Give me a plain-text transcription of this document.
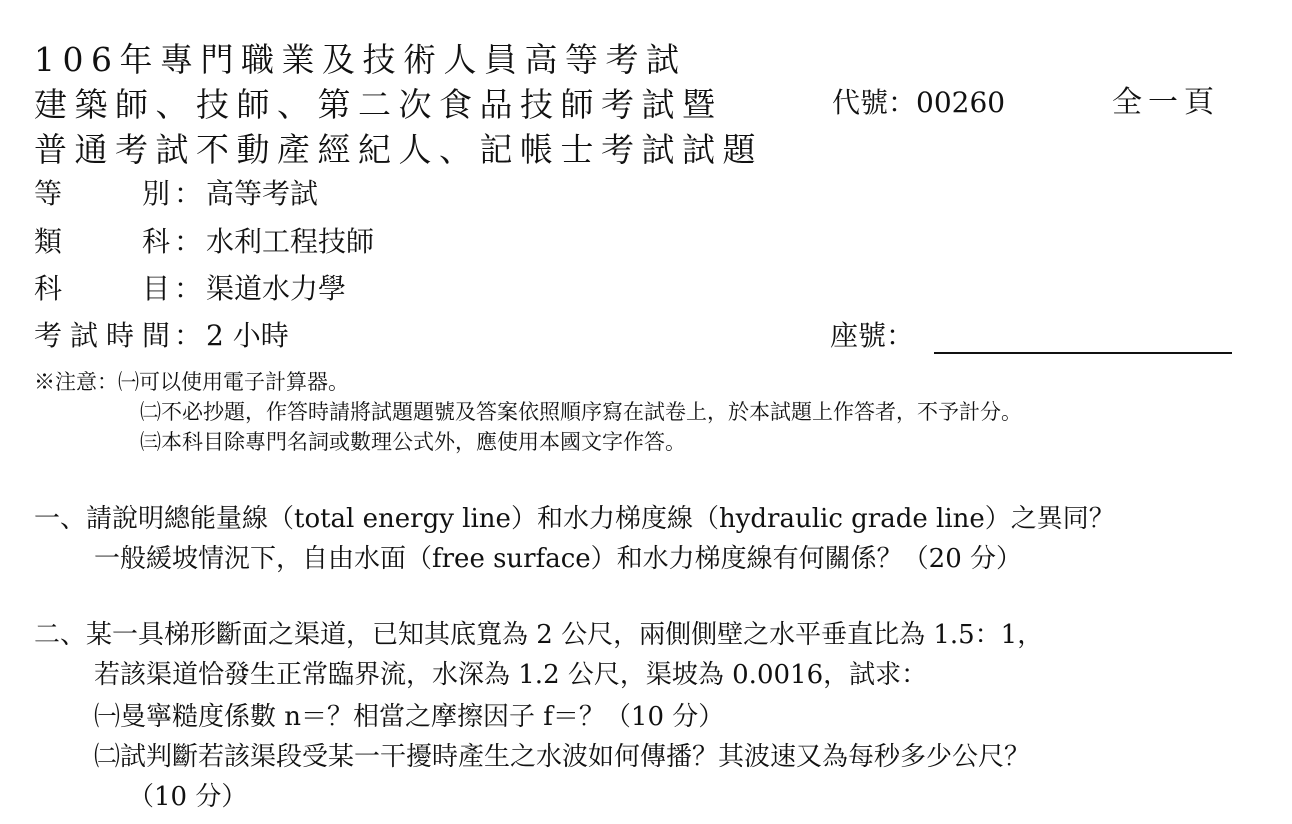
106年專門職業及技術人員高等考試
建築師、技師、第二次食品技師考試暨
普通考試不動產經紀人、記帳士考試試題
代號：00260	全一頁
等別 ： 高等考試
類科 ： 水利工程技師
科目 ： 渠道水力學
考試時間 ： 2 小時	座號：
※注意： ㈠可以使用電子計算器。
㈡不必抄題，作答時請將試題題號及答案依照順序寫在試卷上，於本試題上作答者，不予計分。
㈢本科目除專門名詞或數理公式外，應使用本國文字作答。
一、請說明總能量線（total energy line）和水力梯度線（hydraulic grade line）之異同？
一般緩坡情況下，自由水面（free surface）和水力梯度線有何關係？（20 分）
二、某一具梯形斷面之渠道，已知其底寬為 2 公尺，兩側側壁之水平垂直比為 1.5：1，
若該渠道恰發生正常臨界流，水深為 1.2 公尺，渠坡為 0.0016，試求：
㈠曼寧糙度係數 n＝？相當之摩擦因子 f＝？（10 分）
㈡試判斷若該渠段受某一干擾時產生之水波如何傳播？其波速又為每秒多少公尺？
（10 分）
